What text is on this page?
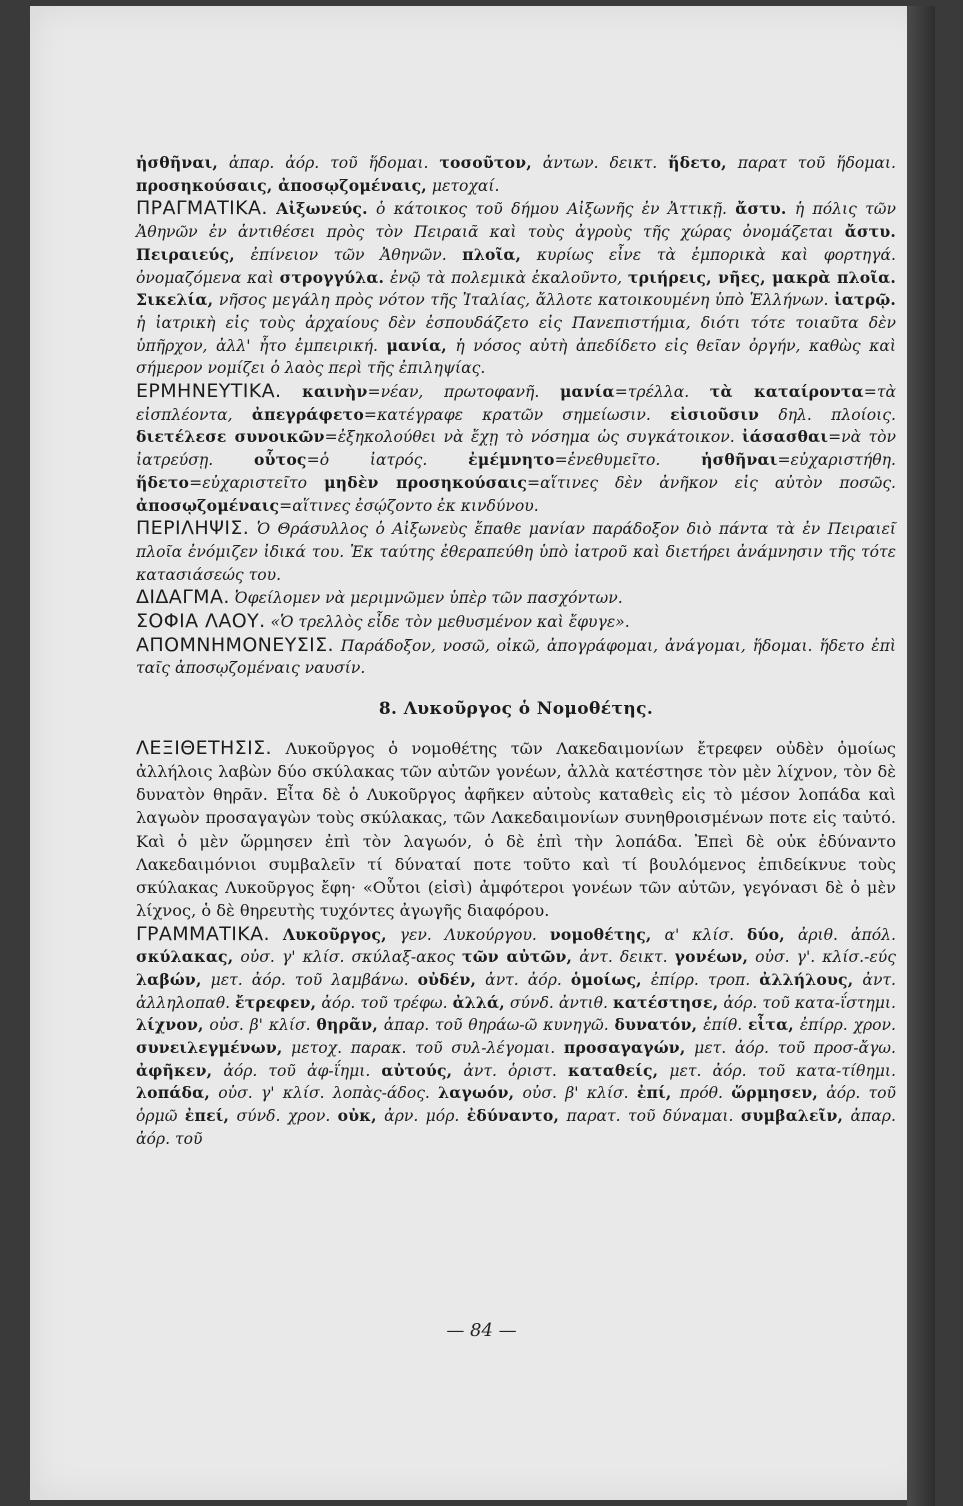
ἡσθῆναι, ἀπαρ. ἀόρ. τοῦ ἥδομαι. τοσοῦτον, ἀντων. δεικτ. ἥδετο, παρατ τοῦ ἥδομαι. προσηκούσαις, ἀποσῳζομέναις, μετοχαί.

ΠΡΑΓΜΑΤΙΚΑ. Αἰξωνεύς. ὁ κάτοικος τοῦ δήμου Αἰξωνῆς ἐν Ἀττικῇ. ἄστυ. ἡ πόλις τῶν Ἀθηνῶν ἐν ἀντιθέσει πρὸς τὸν Πειραιᾶ καὶ τοὺς ἀγροὺς τῆς χώρας ὀνομάζεται ἄστυ. Πειραιεύς, ἐπίνειον τῶν Ἀθηνῶν. πλοῖα, κυρίως εἶνε τὰ ἐμπορικὰ καὶ φορτηγά. ὀνομαζόμενα καὶ στρογγύλα. ἐνῷ τὰ πολεμικὰ ἐκαλοῦντο, τριήρεις, νῆες, μακρὰ πλοῖα. Σικελία, νῆσος μεγάλη πρὸς νότον τῆς Ἰταλίας, ἄλλοτε κατοικουμένη ὑπὸ Ἑλλήνων. ἰατρῷ. ἡ ἰατρικὴ εἰς τοὺς ἀρχαίους δὲν ἐσπουδάζετο εἰς Πανεπιστήμια, διότι τότε τοιαῦτα δὲν ὑπῆρχον, ἀλλ' ἦτο ἐμπειρική. μανία, ἡ νόσος αὐτὴ ἀπεδίδετο εἰς θεῖαν ὀργήν, καθὼς καὶ σήμερον νομίζει ὁ λαὸς περὶ τῆς ἐπιληψίας.

ΕΡΜΗΝΕΥΤΙΚΑ. καινὴν=νέαν, πρωτοφανῆ. μανία=τρέλλα. τὰ καταίροντα=τὰ εἰσπλέοντα, ἀπεγράφετο=κατέγραφε κρατῶν σημείωσιν. εἰσιοῦσιν δηλ. πλοίοις. διετέλεσε συνοικῶν=ἐξηκολούθει νὰ ἔχῃ τὸ νόσημα ὡς συγκάτοικον. ἰάσασθαι=νὰ τὸν ἰατρεύσῃ.	οὗτος=ὁ ἰατρός.	ἐμέμνητο=ἐνεθυμεῖτο.	ἡσθῆναι=εὐχαριστήθη. ἥδετο=εὐχαριστεῖτο μηδὲν προσηκούσαις=αἵτινες δὲν ἀνῆκον εἰς αὐτὸν ποσῶς. ἀποσῳζομέναις=αἵτινες ἐσῴζοντο ἐκ κινδύνου.

ΠΕΡΙΛΗΨΙΣ. Ὁ Θράσυλλος ὁ Αἰξωνεὺς ἔπαθε μανίαν παράδοξον διὸ πάντα τὰ ἐν Πειραιεῖ πλοῖα ἐνόμιζεν ἰδικά του. Ἐκ ταύτης ἐθεραπεύθη ὑπὸ ἰατροῦ καὶ διετήρει ἀνάμνησιν τῆς τότε κατασιάσεώς του.

ΔΙΔΑΓΜΑ. Ὀφείλομεν νὰ μεριμνῶμεν ὑπὲρ τῶν πασχόντων.

ΣΟΦΙΑ ΛΑΟΥ. «Ὁ τρελλὸς εἶδε τὸν μεθυσμένον καὶ ἔφυγε».

ΑΠΟΜΝΗΜΟΝΕΥΣΙΣ. Παράδοξον, νοσῶ, οἰκῶ, ἀπογράφομαι, ἀνάγομαι, ἥδομαι. ἥδετο ἐπὶ ταῖς ἀποσῳζομέναις ναυσίν.

8. Λυκοῦργος ὁ Νομοθέτης.

ΛΕΞΙΘΕΤΗΣΙΣ. Λυκοῦργος ὁ νομοθέτης τῶν Λακεδαιμονίων ἔτρεφεν οὐδὲν ὁμοίως ἀλλήλοις λαβὼν δύο σκύλακας τῶν αὐτῶν γονέων, ἀλλὰ κατέστησε τὸν μὲν λίχνον, τὸν δὲ δυνατὸν θηρᾶν. Εἶτα δὲ ὁ Λυκοῦργος ἀφῆκεν αὐτοὺς καταθεὶς εἰς τὸ μέσον λοπάδα καὶ λαγωὸν προσαγαγὼν τοὺς σκύλακας, τῶν Λακεδαιμονίων συνηθροισμένων ποτε εἰς ταὐτό. Καὶ ὁ μὲν ὥρμησεν ἐπὶ τὸν λαγωόν, ὁ δὲ ἐπὶ τὴν λοπάδα. Ἐπεὶ δὲ οὐκ ἐδύναντο Λακεδαιμόνιοι συμβαλεῖν τί δύναταί ποτε τοῦτο καὶ τί βουλόμενος ἐπιδείκνυε τοὺς σκύλακας Λυκοῦργος ἔφη· «Οὗτοι (εἰσὶ) ἀμφότεροι γονέων τῶν αὐτῶν, γεγόνασι δὲ ὁ μὲν λίχνος, ὁ δὲ θηρευτὴς τυχόντες ἀγωγῆς διαφόρου.

ΓΡΑΜΜΑΤΙΚΑ. Λυκοῦργος, γεν. Λυκούργου. νομοθέτης, α' κλίσ. δύο, ἀριθ. ἀπόλ. σκύλακας, οὐσ. γ' κλίσ. σκύλαξ-ακος τῶν αὐτῶν, ἀντ. δεικτ. γονέων, οὐσ. γ'. κλίσ.-εύς λαβών, μετ. ἀόρ. τοῦ λαμβάνω. οὐδέν, ἀντ. ἀόρ. ὁμοίως, ἐπίρρ. τροπ. ἀλλήλους, ἀντ. ἀλληλοπαθ. ἔτρεφεν, ἀόρ. τοῦ τρέφω. ἀλλά, σύνδ. ἀντιθ. κατέστησε, ἀόρ. τοῦ κατα-ΐστημι. λίχνον, οὐσ. β' κλίσ. θηρᾶν, ἀπαρ. τοῦ θηράω-ῶ κυνηγῶ. δυνατόν, ἐπίθ. εἶτα, ἐπίρρ. χρον. συνειλεγμένων, μετοχ. παρακ. τοῦ συλ-λέγομαι. προσαγαγών, μετ. ἀόρ. τοῦ προσ-ἄγω. ἀφῆκεν, ἀόρ. τοῦ ἀφ-ΐημι. αὐτούς, ἀντ. ὁριστ. καταθείς, μετ. ἀόρ. τοῦ κατα-τίθημι. λοπάδα, οὐσ. γ' κλίσ. λοπὰς-άδος. λαγωόν, οὐσ. β' κλίσ. ἐπί, πρόθ. ὥρμησεν, ἀόρ. τοῦ ὁρμῶ ἐπεί, σύνδ. χρον. οὐκ, ἀρν. μόρ. ἐδύναντο, παρατ. τοῦ δύναμαι. συμβαλεῖν, ἀπαρ. ἀόρ. τοῦ

— 84 —
